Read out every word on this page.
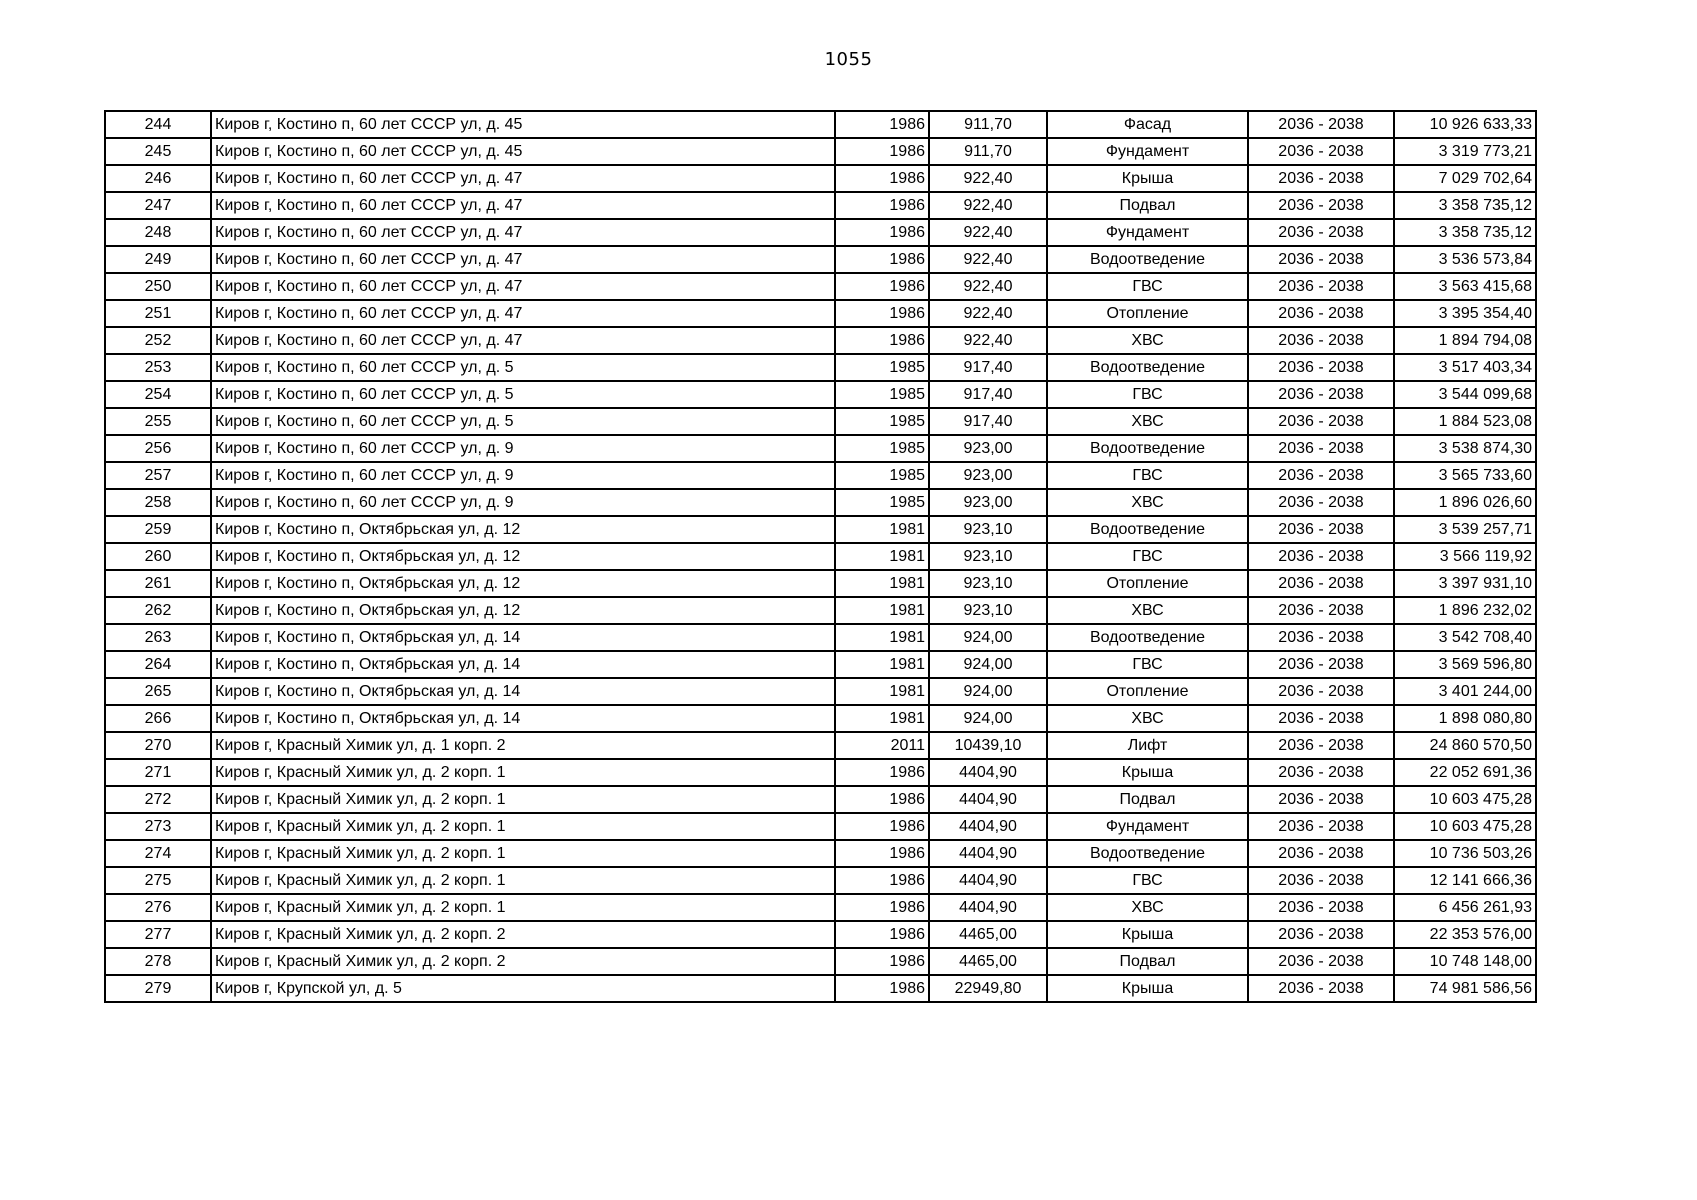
1055
244	Киров г, Костино п, 60 лет СССР ул, д. 45	1986	911,70	Фасад	2036 - 2038	10 926 633,33
245	Киров г, Костино п, 60 лет СССР ул, д. 45	1986	911,70	Фундамент	2036 - 2038	3 319 773,21
246	Киров г, Костино п, 60 лет СССР ул, д. 47	1986	922,40	Крыша	2036 - 2038	7 029 702,64
247	Киров г, Костино п, 60 лет СССР ул, д. 47	1986	922,40	Подвал	2036 - 2038	3 358 735,12
248	Киров г, Костино п, 60 лет СССР ул, д. 47	1986	922,40	Фундамент	2036 - 2038	3 358 735,12
249	Киров г, Костино п, 60 лет СССР ул, д. 47	1986	922,40	Водоотведение	2036 - 2038	3 536 573,84
250	Киров г, Костино п, 60 лет СССР ул, д. 47	1986	922,40	ГВС	2036 - 2038	3 563 415,68
251	Киров г, Костино п, 60 лет СССР ул, д. 47	1986	922,40	Отопление	2036 - 2038	3 395 354,40
252	Киров г, Костино п, 60 лет СССР ул, д. 47	1986	922,40	ХВС	2036 - 2038	1 894 794,08
253	Киров г, Костино п, 60 лет СССР ул, д. 5	1985	917,40	Водоотведение	2036 - 2038	3 517 403,34
254	Киров г, Костино п, 60 лет СССР ул, д. 5	1985	917,40	ГВС	2036 - 2038	3 544 099,68
255	Киров г, Костино п, 60 лет СССР ул, д. 5	1985	917,40	ХВС	2036 - 2038	1 884 523,08
256	Киров г, Костино п, 60 лет СССР ул, д. 9	1985	923,00	Водоотведение	2036 - 2038	3 538 874,30
257	Киров г, Костино п, 60 лет СССР ул, д. 9	1985	923,00	ГВС	2036 - 2038	3 565 733,60
258	Киров г, Костино п, 60 лет СССР ул, д. 9	1985	923,00	ХВС	2036 - 2038	1 896 026,60
259	Киров г, Костино п, Октябрьская ул, д. 12	1981	923,10	Водоотведение	2036 - 2038	3 539 257,71
260	Киров г, Костино п, Октябрьская ул, д. 12	1981	923,10	ГВС	2036 - 2038	3 566 119,92
261	Киров г, Костино п, Октябрьская ул, д. 12	1981	923,10	Отопление	2036 - 2038	3 397 931,10
262	Киров г, Костино п, Октябрьская ул, д. 12	1981	923,10	ХВС	2036 - 2038	1 896 232,02
263	Киров г, Костино п, Октябрьская ул, д. 14	1981	924,00	Водоотведение	2036 - 2038	3 542 708,40
264	Киров г, Костино п, Октябрьская ул, д. 14	1981	924,00	ГВС	2036 - 2038	3 569 596,80
265	Киров г, Костино п, Октябрьская ул, д. 14	1981	924,00	Отопление	2036 - 2038	3 401 244,00
266	Киров г, Костино п, Октябрьская ул, д. 14	1981	924,00	ХВС	2036 - 2038	1 898 080,80
270	Киров г, Красный Химик ул, д. 1 корп. 2	2011	10439,10	Лифт	2036 - 2038	24 860 570,50
271	Киров г, Красный Химик ул, д. 2 корп. 1	1986	4404,90	Крыша	2036 - 2038	22 052 691,36
272	Киров г, Красный Химик ул, д. 2 корп. 1	1986	4404,90	Подвал	2036 - 2038	10 603 475,28
273	Киров г, Красный Химик ул, д. 2 корп. 1	1986	4404,90	Фундамент	2036 - 2038	10 603 475,28
274	Киров г, Красный Химик ул, д. 2 корп. 1	1986	4404,90	Водоотведение	2036 - 2038	10 736 503,26
275	Киров г, Красный Химик ул, д. 2 корп. 1	1986	4404,90	ГВС	2036 - 2038	12 141 666,36
276	Киров г, Красный Химик ул, д. 2 корп. 1	1986	4404,90	ХВС	2036 - 2038	6 456 261,93
277	Киров г, Красный Химик ул, д. 2 корп. 2	1986	4465,00	Крыша	2036 - 2038	22 353 576,00
278	Киров г, Красный Химик ул, д. 2 корп. 2	1986	4465,00	Подвал	2036 - 2038	10 748 148,00
279	Киров г, Крупской ул, д. 5	1986	22949,80	Крыша	2036 - 2038	74 981 586,56
